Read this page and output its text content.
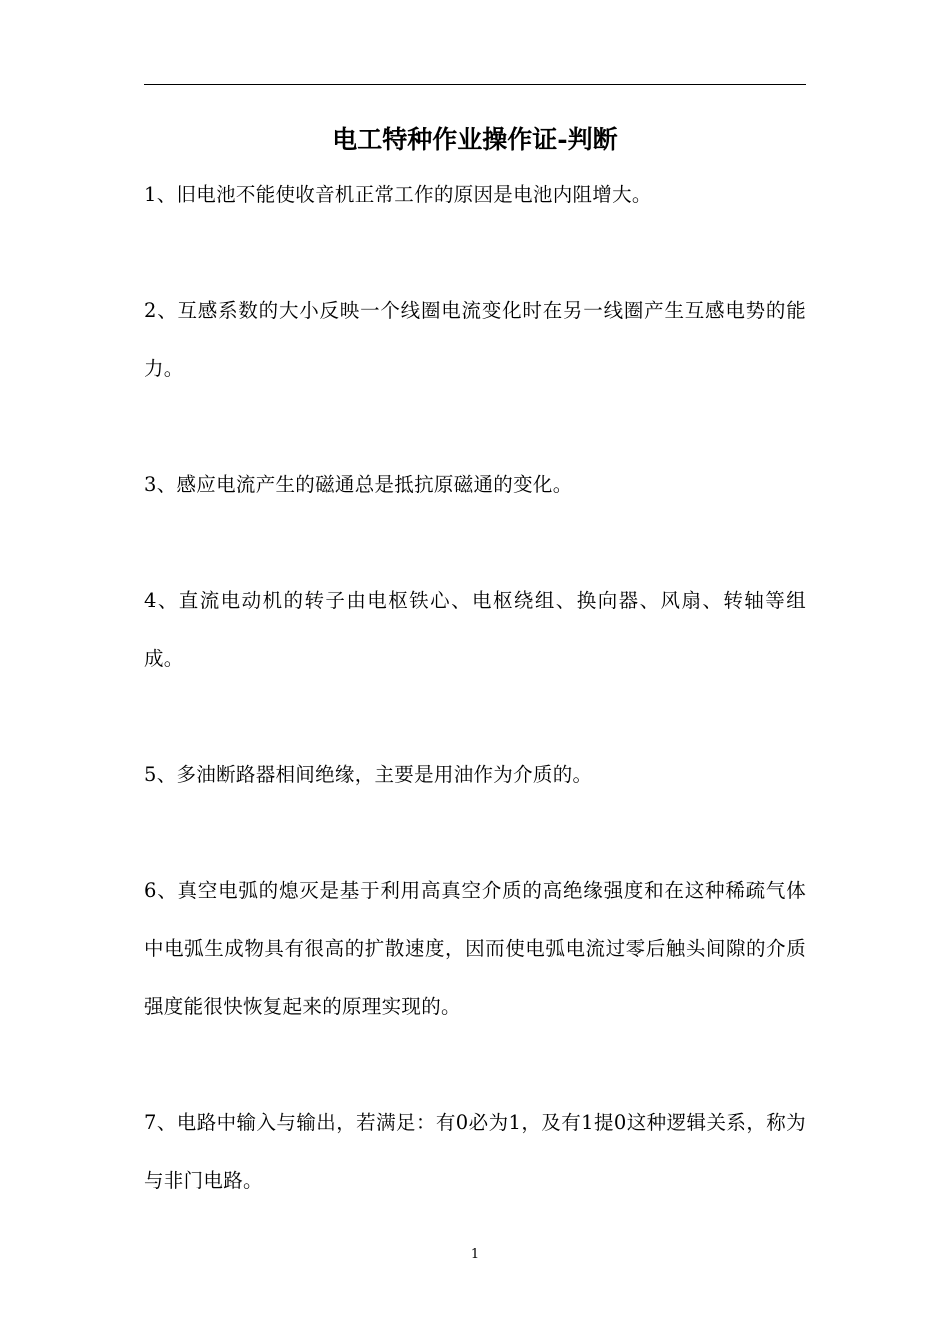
电工特种作业操作证-判断
1、旧电池不能使收音机正常工作的原因是电池内阻增大。
2、互感系数的大小反映一个线圈电流变化时在另一线圈产生互感电势的能力。
3、感应电流产生的磁通总是抵抗原磁通的变化。
4、直流电动机的转子由电枢铁心、电枢绕组、换向器、风扇、转轴等组成。
5、多油断路器相间绝缘，主要是用油作为介质的。
6、真空电弧的熄灭是基于利用高真空介质的高绝缘强度和在这种稀疏气体中电弧生成物具有很高的扩散速度，因而使电弧电流过零后触头间隙的介质强度能很快恢复起来的原理实现的。
7、电路中输入与输出，若满足：有0必为1，及有1提0这种逻辑关系，称为与非门电路。
1
